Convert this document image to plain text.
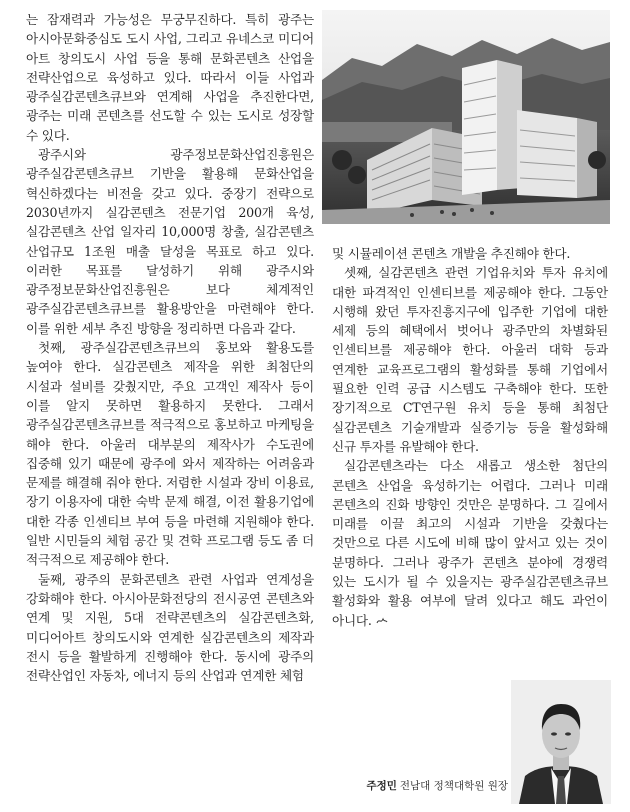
는 잠재력과 가능성은 무궁무진하다. 특히 광주는 아시아문화중심도 도시 사업, 그리고 유네스코 미디어 아트 창의도시 사업 등을 통해 문화콘텐츠 산업을 전략산업으로 육성하고 있다. 따라서 이들 사업과 광주실감콘텐츠큐브와 연계해 사업을 추진한다면, 광주는 미래 콘텐츠를 선도할 수 있는 도시로 성장할 수 있다.

광주시와 광주정보문화산업진흥원은 광주실감콘텐츠큐브 기반을 활용해 문화산업을 혁신하겠다는 비전을 갖고 있다. 중장기 전략으로 2030년까지 실감콘텐츠 전문기업 200개 육성, 실감콘텐츠 산업 일자리 10,000명 창출, 실감콘텐츠 산업규모 1조원 매출 달성을 목표로 하고 있다. 이러한 목표를 달성하기 위해 광주시와 광주정보문화산업진흥원은 보다 체계적인 광주실감콘텐츠큐브를 활용방안을 마련해야 한다. 이를 위한 세부 추진 방향을 정리하면 다음과 같다.

첫째, 광주실감콘텐츠큐브의 홍보와 활용도를 높여야 한다. 실감콘텐츠 제작을 위한 최첨단의 시설과 설비를 갖췄지만, 주요 고객인 제작사 등이 이를 알지 못하면 활용하지 못한다. 그래서 광주실감콘텐츠큐브를 적극적으로 홍보하고 마케팅을 해야 한다. 아울러 대부분의 제작사가 수도권에 집중해 있기 때문에 광주에 와서 제작하는 어려움과 문제를 해결해 줘야 한다. 저렴한 시설과 장비 이용료, 장기 이용자에 대한 숙박 문제 해결, 이전 활용기업에 대한 각종 인센티브 부여 등을 마련해 지원해야 한다. 일반 시민들의 체험 공간 및 견학 프로그램 등도 좀 더 적극적으로 제공해야 한다.

둘째, 광주의 문화콘텐츠 관련 사업과 연계성을 강화해야 한다. 아시아문화전당의 전시공연 콘텐츠와 연계 및 지원, 5대 전략콘텐츠의 실감콘텐츠화, 미디어아트 창의도시와 연계한 실감콘텐츠의 제작과 전시 등을 활발하게 진행해야 한다. 동시에 광주의 전략산업인 자동차, 에너지 등의 산업과 연계한 체험

및 시뮬레이션 콘텐츠 개발을 추진해야 한다.

셋째, 실감콘텐츠 관련 기업유치와 투자 유치에 대한 파격적인 인센티브를 제공해야 한다. 그동안 시행해 왔던 투자진흥지구에 입주한 기업에 대한 세제 등의 혜택에서 벗어나 광주만의 차별화된 인센티브를 제공해야 한다. 아울러 대학 등과 연계한 교육프로그램의 활성화를 통해 기업에서 필요한 인력 공급 시스템도 구축해야 한다. 또한 장기적으로 CT연구원 유치 등을 통해 최첨단 실감콘텐츠 기술개발과 실증기능 등을 활성화해 신규 투자를 유발해야 한다.

실감콘텐츠라는 다소 새롭고 생소한 첨단의 콘텐츠 산업을 육성하기는 어렵다. 그러나 미래 콘텐츠의 진화 방향인 것만은 분명하다. 그 길에서 미래를 이끌 최고의 시설과 기반을 갖췄다는 것만으로 다른 시도에 비해 많이 앞서고 있는 것이 분명하다. 그러나 광주가 콘텐츠 분야에 경쟁력 있는 도시가 될 수 있을지는 광주실감콘텐츠큐브 활성화와 활용 여부에 달려 있다고 해도 과언이 아니다.

주정민 전남대 정책대학원 원장
